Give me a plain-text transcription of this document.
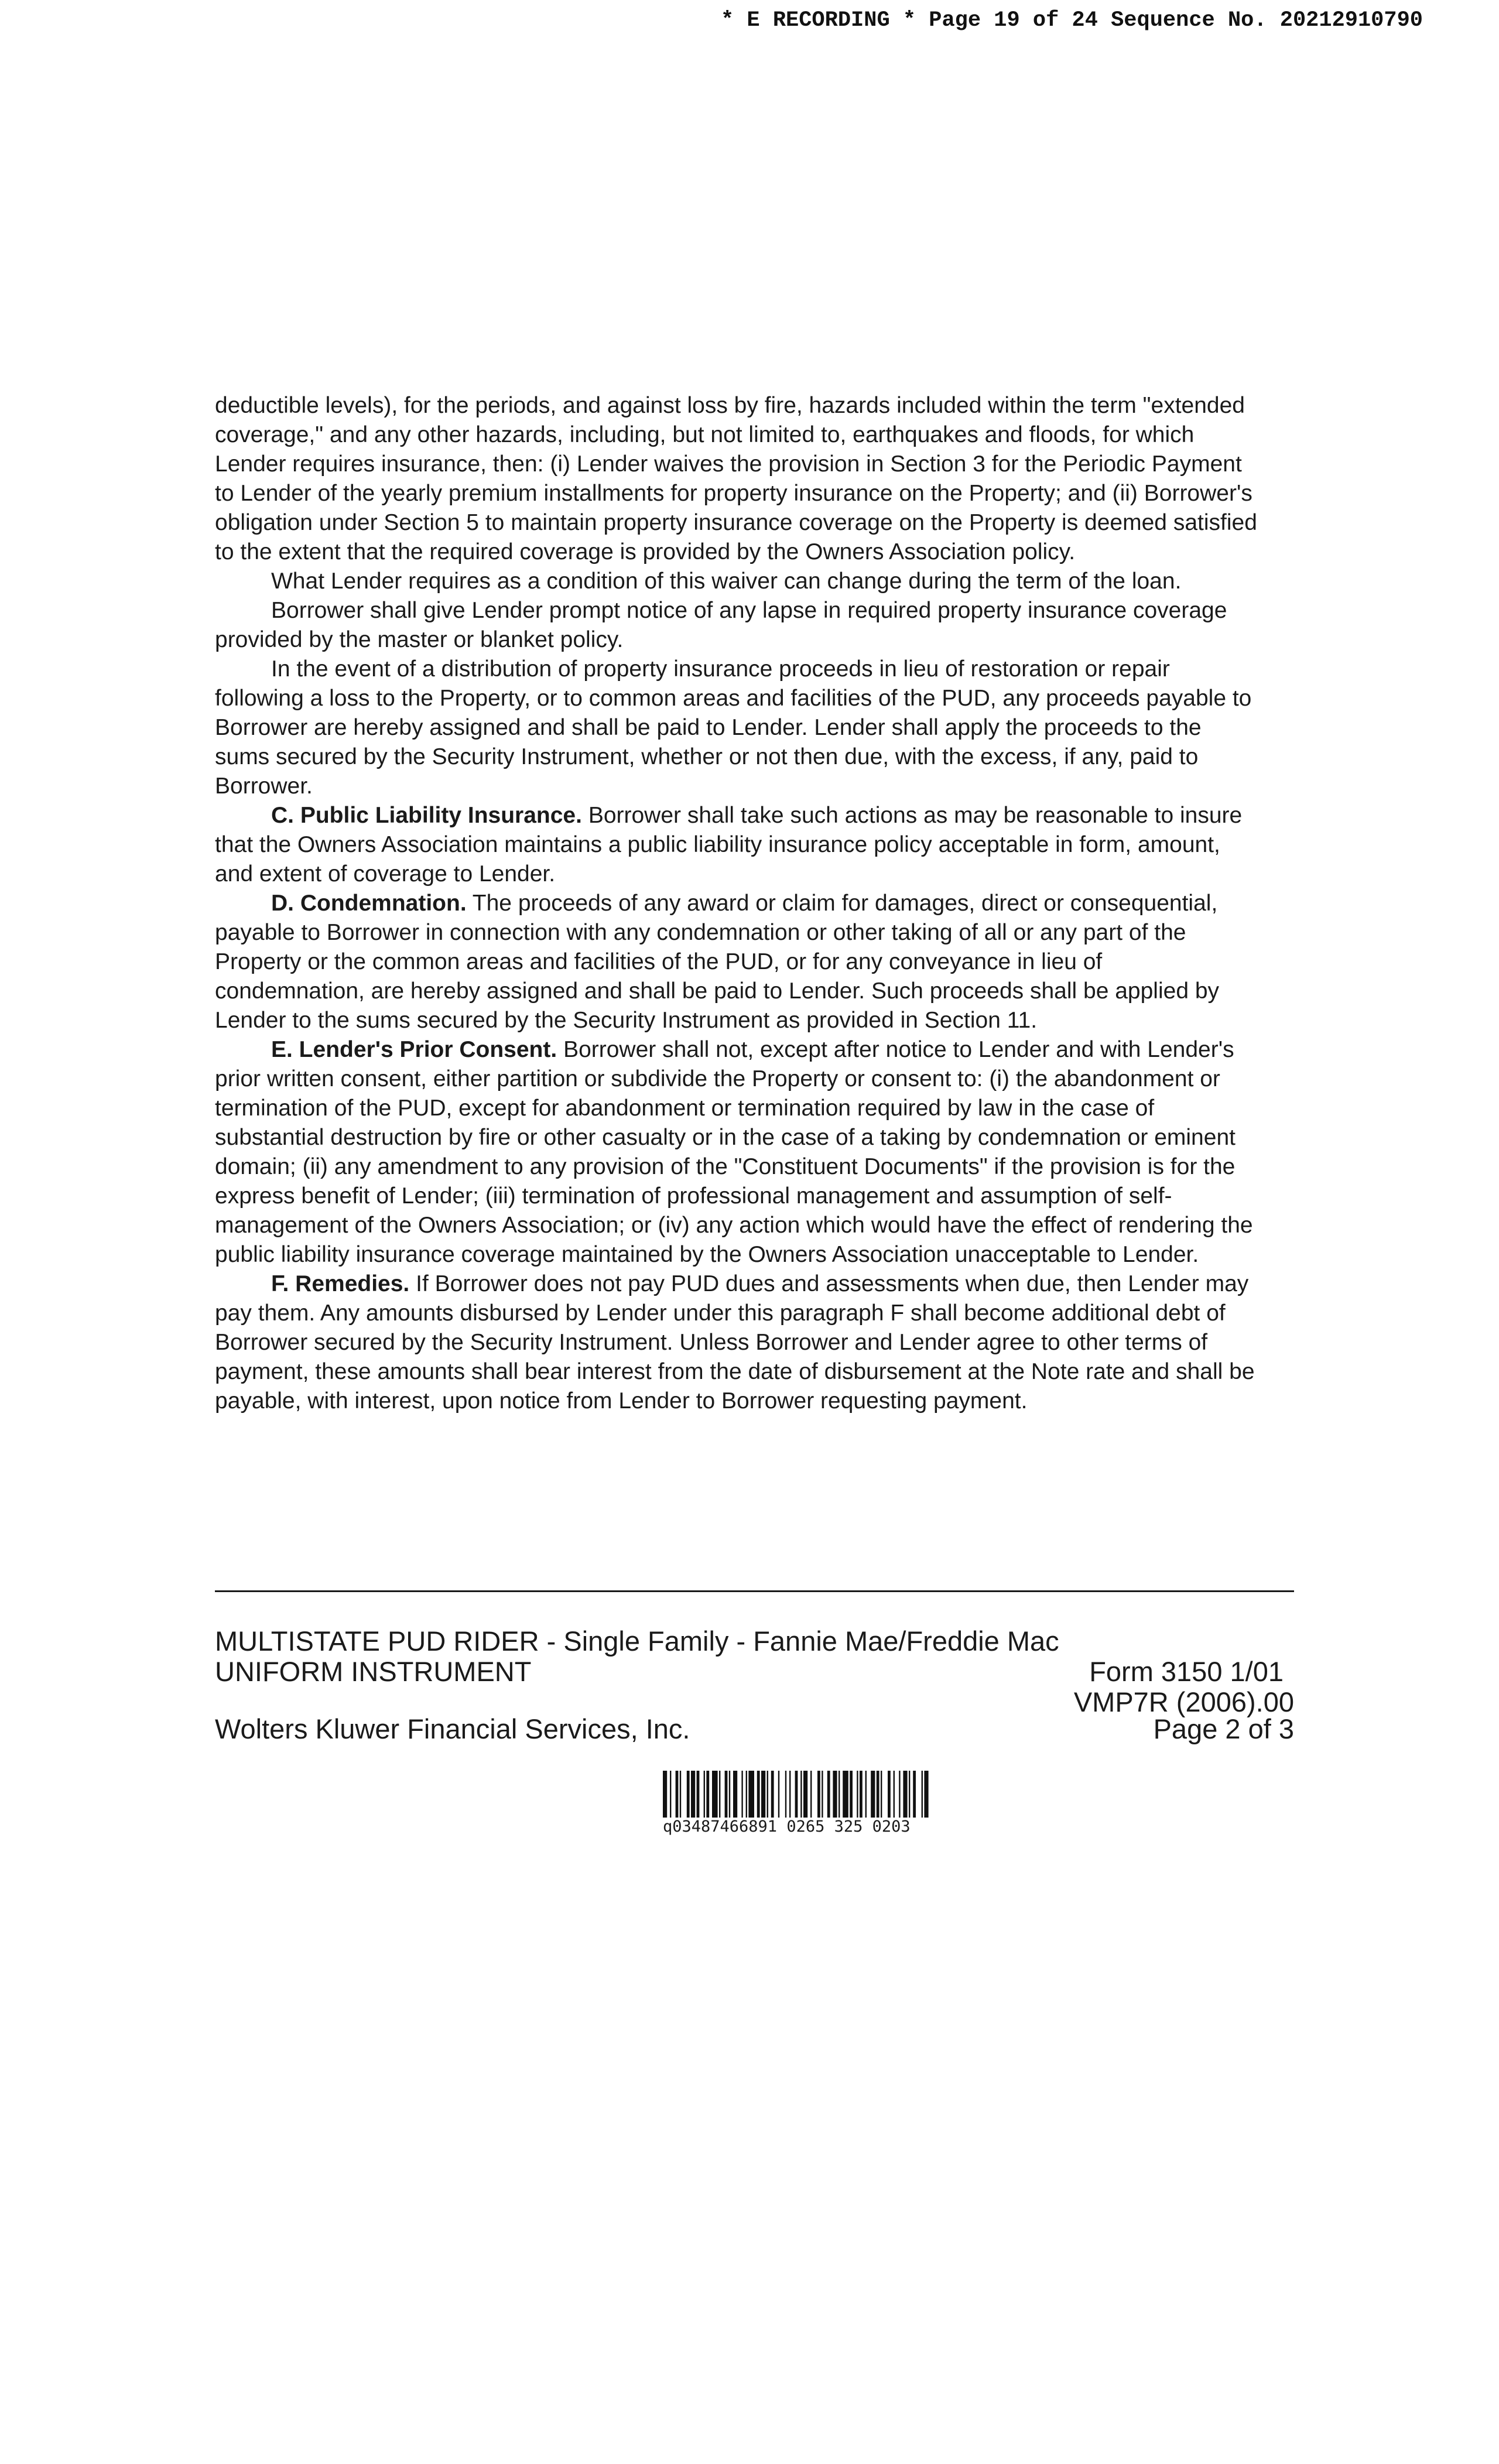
* E RECORDING * Page 19 of 24 Sequence No. 20212910790

deductible levels), for the periods, and against loss by fire, hazards included within the term "extended coverage," and any other hazards, including, but not limited to, earthquakes and floods, for which Lender requires insurance, then: (i) Lender waives the provision in Section 3 for the Periodic Payment to Lender of the yearly premium installments for property insurance on the Property; and (ii) Borrower's obligation under Section 5 to maintain property insurance coverage on the Property is deemed satisfied to the extent that the required coverage is provided by the Owners Association policy.

What Lender requires as a condition of this waiver can change during the term of the loan.

Borrower shall give Lender prompt notice of any lapse in required property insurance coverage provided by the master or blanket policy.

In the event of a distribution of property insurance proceeds in lieu of restoration or repair following a loss to the Property, or to common areas and facilities of the PUD, any proceeds payable to Borrower are hereby assigned and shall be paid to Lender. Lender shall apply the proceeds to the sums secured by the Security Instrument, whether or not then due, with the excess, if any, paid to Borrower.

C. Public Liability Insurance. Borrower shall take such actions as may be reasonable to insure that the Owners Association maintains a public liability insurance policy acceptable in form, amount, and extent of coverage to Lender.

D. Condemnation. The proceeds of any award or claim for damages, direct or consequential, payable to Borrower in connection with any condemnation or other taking of all or any part of the Property or the common areas and facilities of the PUD, or for any conveyance in lieu of condemnation, are hereby assigned and shall be paid to Lender. Such proceeds shall be applied by Lender to the sums secured by the Security Instrument as provided in Section 11.

E. Lender's Prior Consent. Borrower shall not, except after notice to Lender and with Lender's prior written consent, either partition or subdivide the Property or consent to: (i) the abandonment or termination of the PUD, except for abandonment or termination required by law in the case of substantial destruction by fire or other casualty or in the case of a taking by condemnation or eminent domain; (ii) any amendment to any provision of the "Constituent Documents" if the provision is for the express benefit of Lender; (iii) termination of professional management and assumption of self-management of the Owners Association; or (iv) any action which would have the effect of rendering the public liability insurance coverage maintained by the Owners Association unacceptable to Lender.

F. Remedies. If Borrower does not pay PUD dues and assessments when due, then Lender may pay them. Any amounts disbursed by Lender under this paragraph F shall become additional debt of Borrower secured by the Security Instrument. Unless Borrower and Lender agree to other terms of payment, these amounts shall bear interest from the date of disbursement at the Note rate and shall be payable, with interest, upon notice from Lender to Borrower requesting payment.

MULTISTATE PUD RIDER - Single Family - Fannie Mae/Freddie Mac
UNIFORM INSTRUMENT	Form 3150 1/01
VMP7R (2006).00
Wolters Kluwer Financial Services, Inc.	Page 2 of 3
q03487466891 0265 325 0203
